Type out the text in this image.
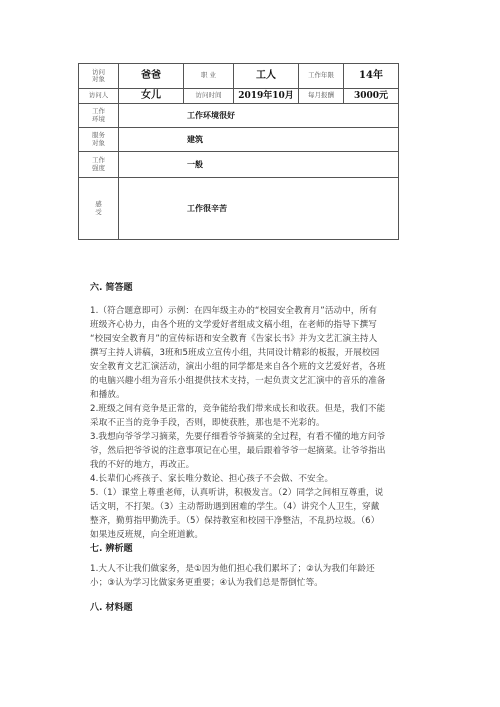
访问
对象	爸爸	职 业	工人	工作年限	14年
访问人	女儿	访问时间	2019年10月	每月报酬	3000元
工作
环境	工作环境很好				
服务
对象	建筑				
工作
强度	一般				
感
受	工作很辛苦				
六. 简答题
1.（符合题意即可）示例：在四年级主办的“校园安全教育月”活动中，所有
班级齐心协力，由各个班的文学爱好者组成文稿小组，在老师的指导下撰写
“校园安全教育月”的宣传标语和安全教育《告家长书》并为文艺汇演主持人
撰写主持人讲稿，3班和5班成立宣传小组，共同设计精彩的板报，开展校园
安全教育文艺汇演活动，演出小组的同学都是来自各个班的文艺爱好者，各班
的电脑兴趣小组为音乐小组提供技术支持，一起负责文艺汇演中的音乐的准备
和播放。
2.班级之间有竞争是正常的，竞争能给我们带来成长和收获。但是，我们不能
采取不正当的竞争手段，否则，即使获胜，那也是不光彩的。
3.我想向爷爷学习摘菜，先要仔细看爷爷摘菜的全过程，有看不懂的地方问爷
爷，然后把爷爷说的注意事项记在心里，最后跟着爷爷一起摘菜。让爷爷指出
我的不好的地方，再改正。
4.长辈们心疼孩子、家长唯分数论、担心孩子不会做、不安全。
5.（1）课堂上尊重老师，认真听讲，积极发言。（2）同学之间相互尊重，说
话文明，不打架。（3）主动帮助遇到困难的学生。（4）讲究个人卫生，穿戴
整齐，勤剪指甲勤洗手。（5）保持教室和校园干净整洁，不乱扔垃圾。（6）
如果违反班规，向全班道歉。
七. 辨析题
1.大人不让我们做家务，是①因为他们担心我们累坏了；②认为我们年龄还
小；③认为学习比做家务更重要；④认为我们总是帮倒忙等。
八. 材料题
